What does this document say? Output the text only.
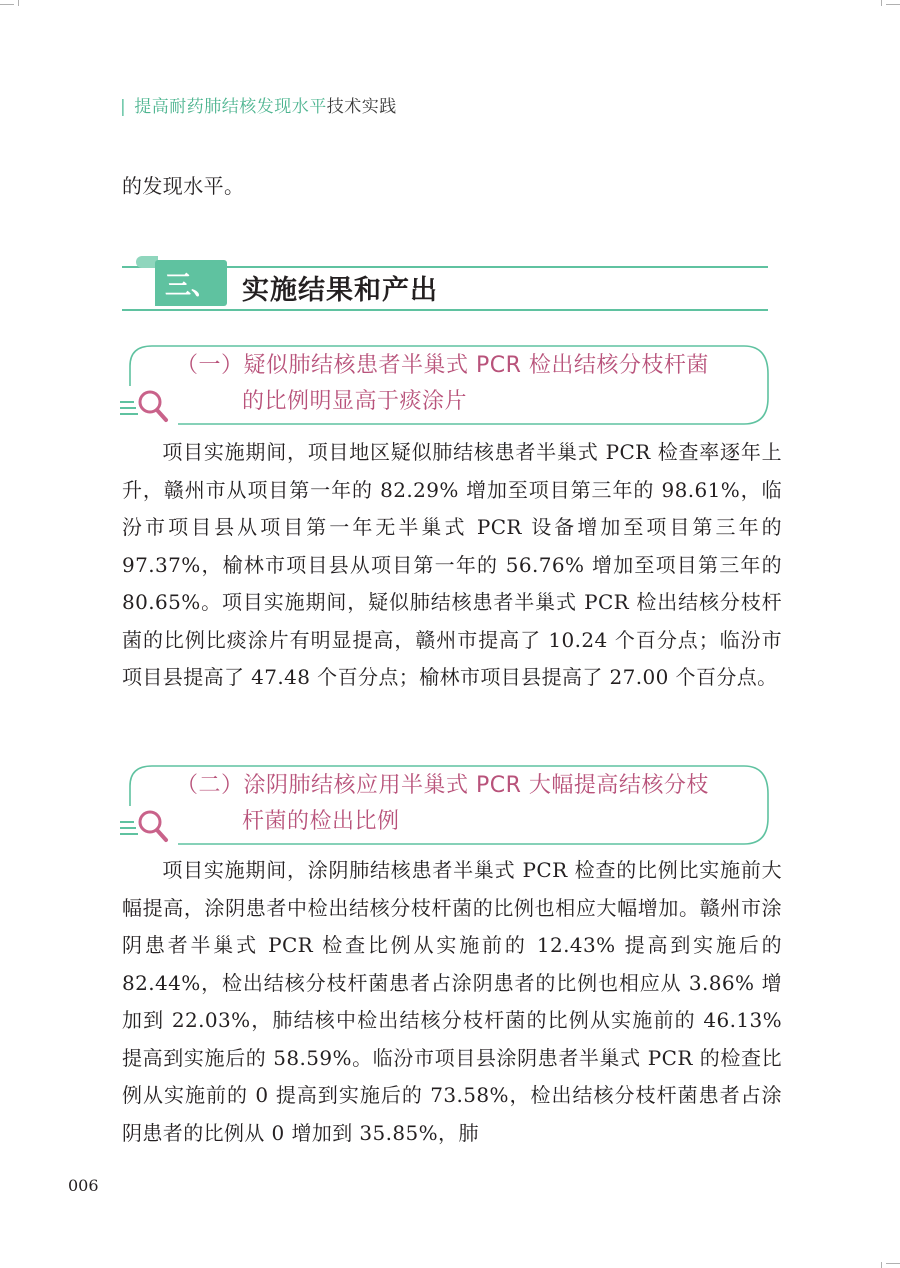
| 提高耐药肺结核发现水平技术实践

的发现水平。

三、 实施结果和产出
（一）疑似肺结核患者半巢式 PCR 检出结核分枝杆菌
的比例明显高于痰涂片

项目实施期间，项目地区疑似肺结核患者半巢式 PCR 检查率逐年上升，赣州市从项目第一年的 82.29% 增加至项目第三年的 98.61%，临汾市项目县从项目第一年无半巢式 PCR 设备增加至项目第三年的 97.37%，榆林市项目县从项目第一年的 56.76% 增加至项目第三年的 80.65%。项目实施期间，疑似肺结核患者半巢式 PCR 检出结核分枝杆菌的比例比痰涂片有明显提高，赣州市提高了 10.24 个百分点；临汾市项目县提高了 47.48 个百分点；榆林市项目县提高了 27.00 个百分点。

（二）涂阴肺结核应用半巢式 PCR 大幅提高结核分枝
杆菌的检出比例

项目实施期间，涂阴肺结核患者半巢式 PCR 检查的比例比实施前大幅提高，涂阴患者中检出结核分枝杆菌的比例也相应大幅增加。赣州市涂阴患者半巢式 PCR 检查比例从实施前的 12.43% 提高到实施后的 82.44%，检出结核分枝杆菌患者占涂阴患者的比例也相应从 3.86% 增加到 22.03%，肺结核中检出结核分枝杆菌的比例从实施前的 46.13% 提高到实施后的 58.59%。临汾市项目县涂阴患者半巢式 PCR 的检查比例从实施前的 0 提高到实施后的 73.58%，检出结核分枝杆菌患者占涂阴患者的比例从 0 增加到 35.85%，肺

006
